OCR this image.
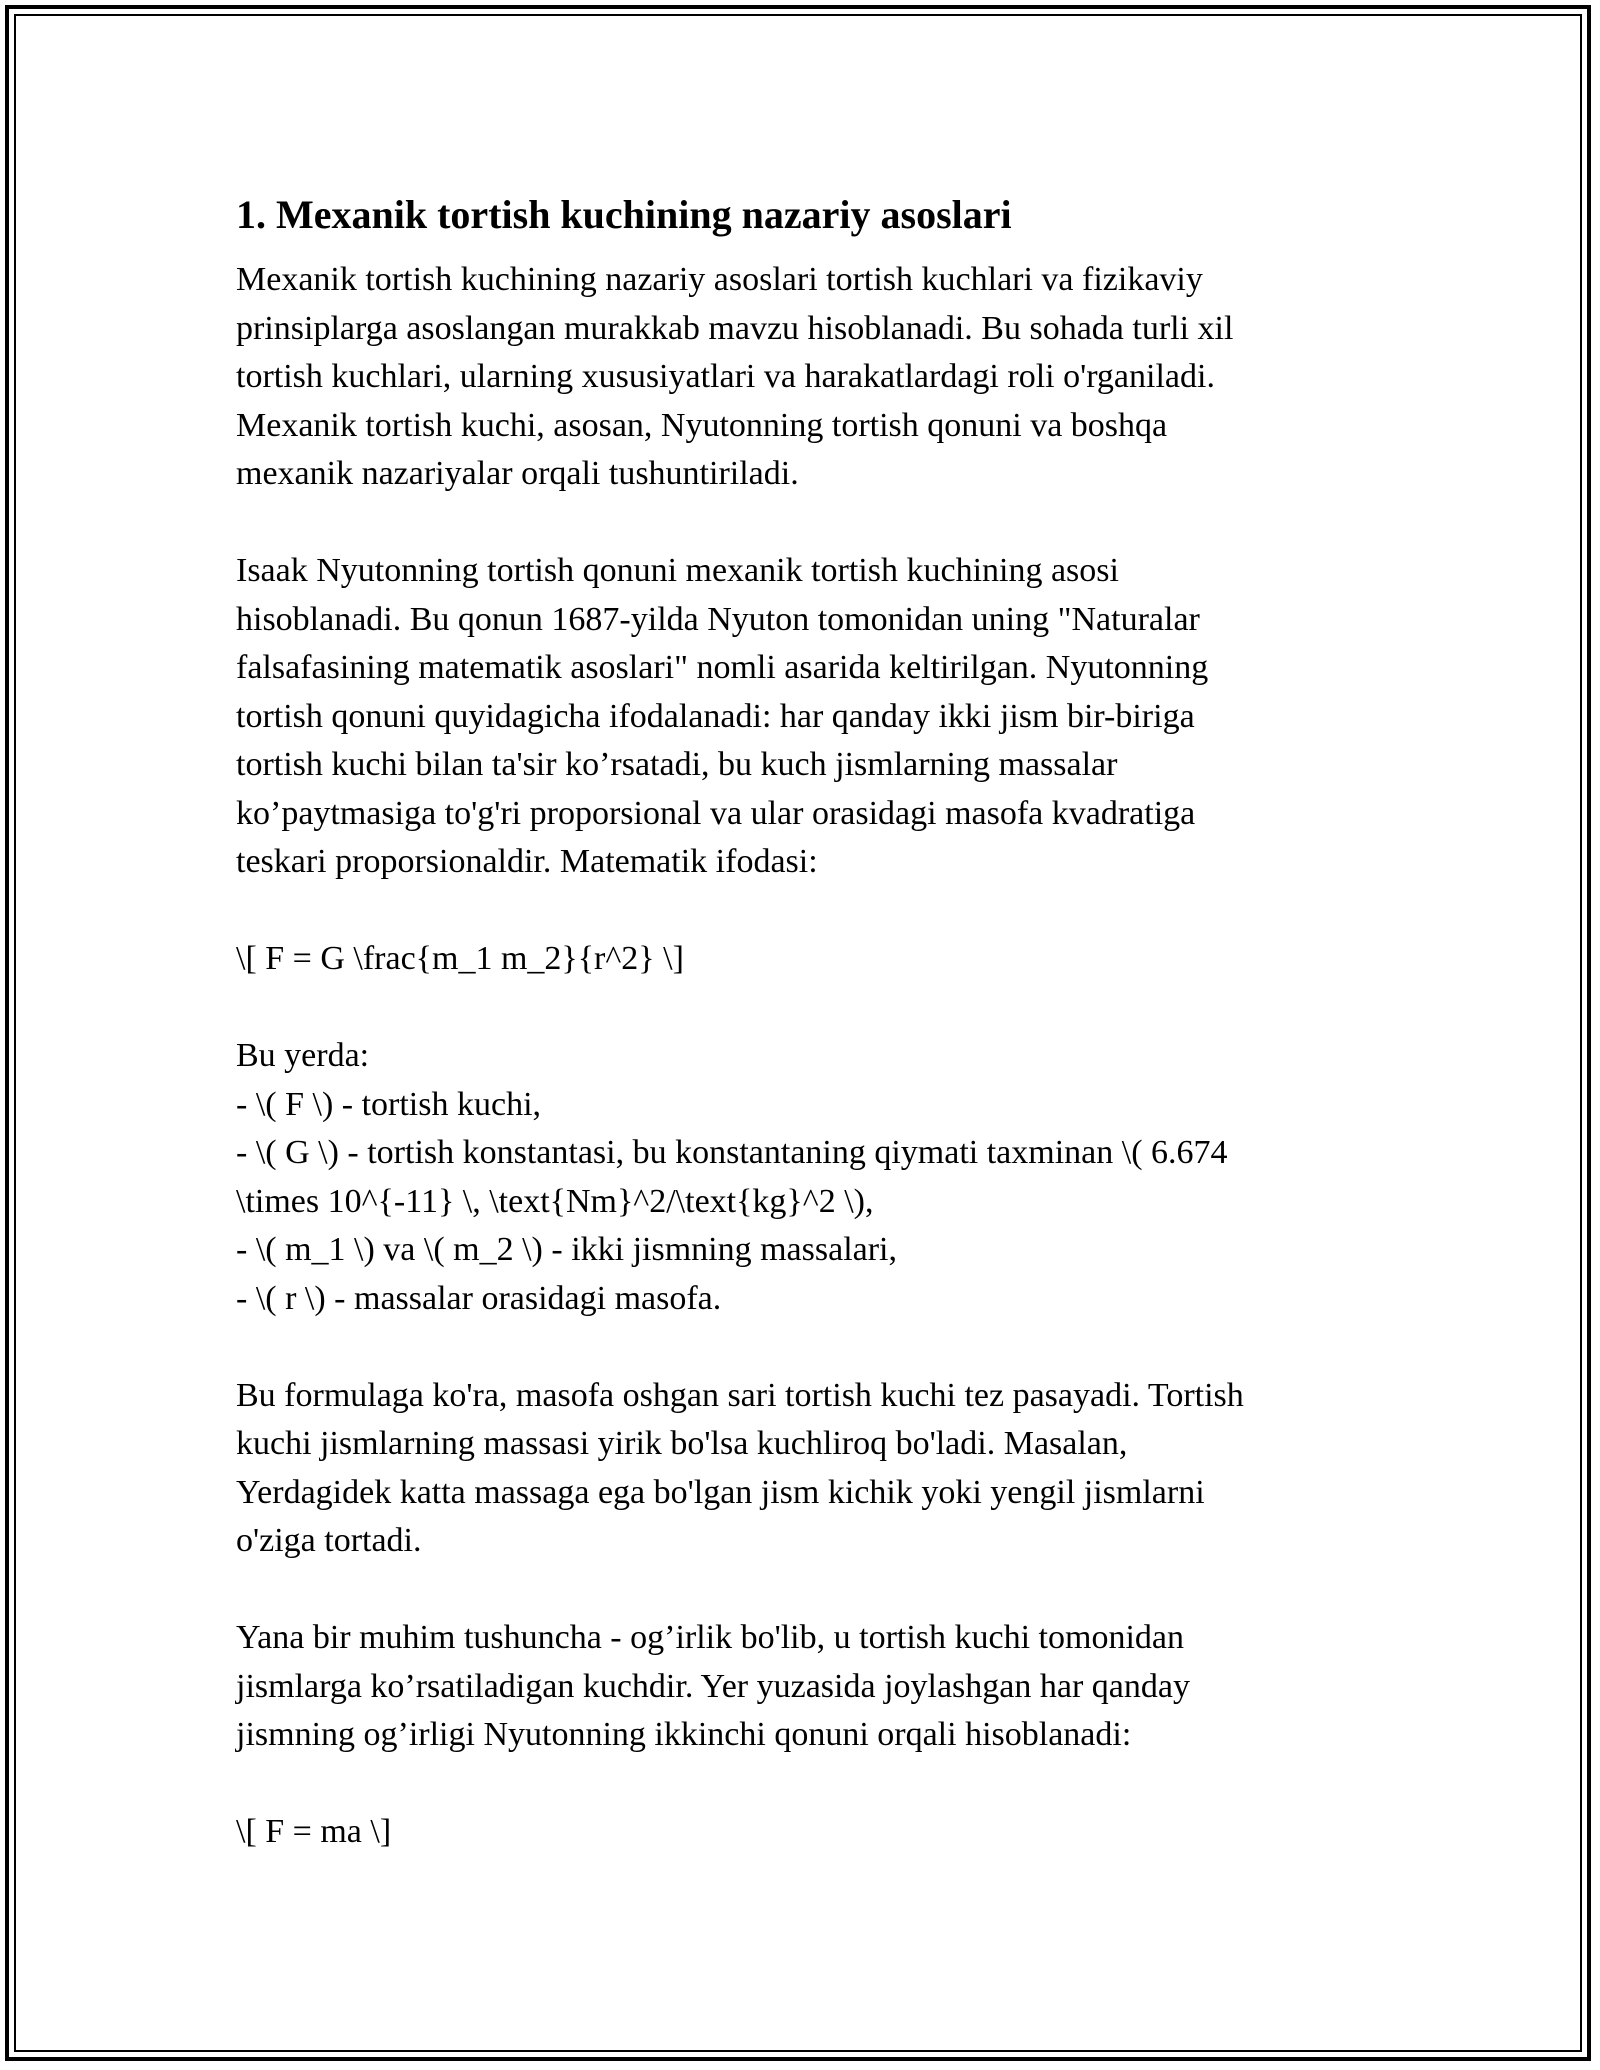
1. Mexanik tortish kuchining nazariy asoslari

Mexanik tortish kuchining nazariy asoslari tortish kuchlari va fizikaviy
prinsiplarga asoslangan murakkab mavzu hisoblanadi. Bu sohada turli xil
tortish kuchlari, ularning xususiyatlari va harakatlardagi roli o'rganiladi.
Mexanik tortish kuchi, asosan, Nyutonning tortish qonuni va boshqa
mexanik nazariyalar orqali tushuntiriladi.

Isaak Nyutonning tortish qonuni mexanik tortish kuchining asosi
hisoblanadi. Bu qonun 1687-yilda Nyuton tomonidan uning "Naturalar
falsafasining matematik asoslari" nomli asarida keltirilgan. Nyutonning
tortish qonuni quyidagicha ifodalanadi: har qanday ikki jism bir-biriga
tortish kuchi bilan ta'sir ko’rsatadi, bu kuch jismlarning massalar
ko’paytmasiga to'g'ri proporsional va ular orasidagi masofa kvadratiga
teskari proporsionaldir. Matematik ifodasi:

\[ F = G \frac{m_1 m_2}{r^2} \]

Bu yerda:
- \( F \) - tortish kuchi,
- \( G \) - tortish konstantasi, bu konstantaning qiymati taxminan \( 6.674
\times 10^{-11} \, \text{Nm}^2/\text{kg}^2 \),
- \( m_1 \) va \( m_2 \) - ikki jismning massalari,
- \( r \) - massalar orasidagi masofa.

Bu formulaga ko'ra, masofa oshgan sari tortish kuchi tez pasayadi. Tortish
kuchi jismlarning massasi yirik bo'lsa kuchliroq bo'ladi. Masalan,
Yerdagidek katta massaga ega bo'lgan jism kichik yoki yengil jismlarni
o'ziga tortadi.

Yana bir muhim tushuncha - og’irlik bo'lib, u tortish kuchi tomonidan
jismlarga ko’rsatiladigan kuchdir. Yer yuzasida joylashgan har qanday
jismning og’irligi Nyutonning ikkinchi qonuni orqali hisoblanadi:

\[ F = ma \]
